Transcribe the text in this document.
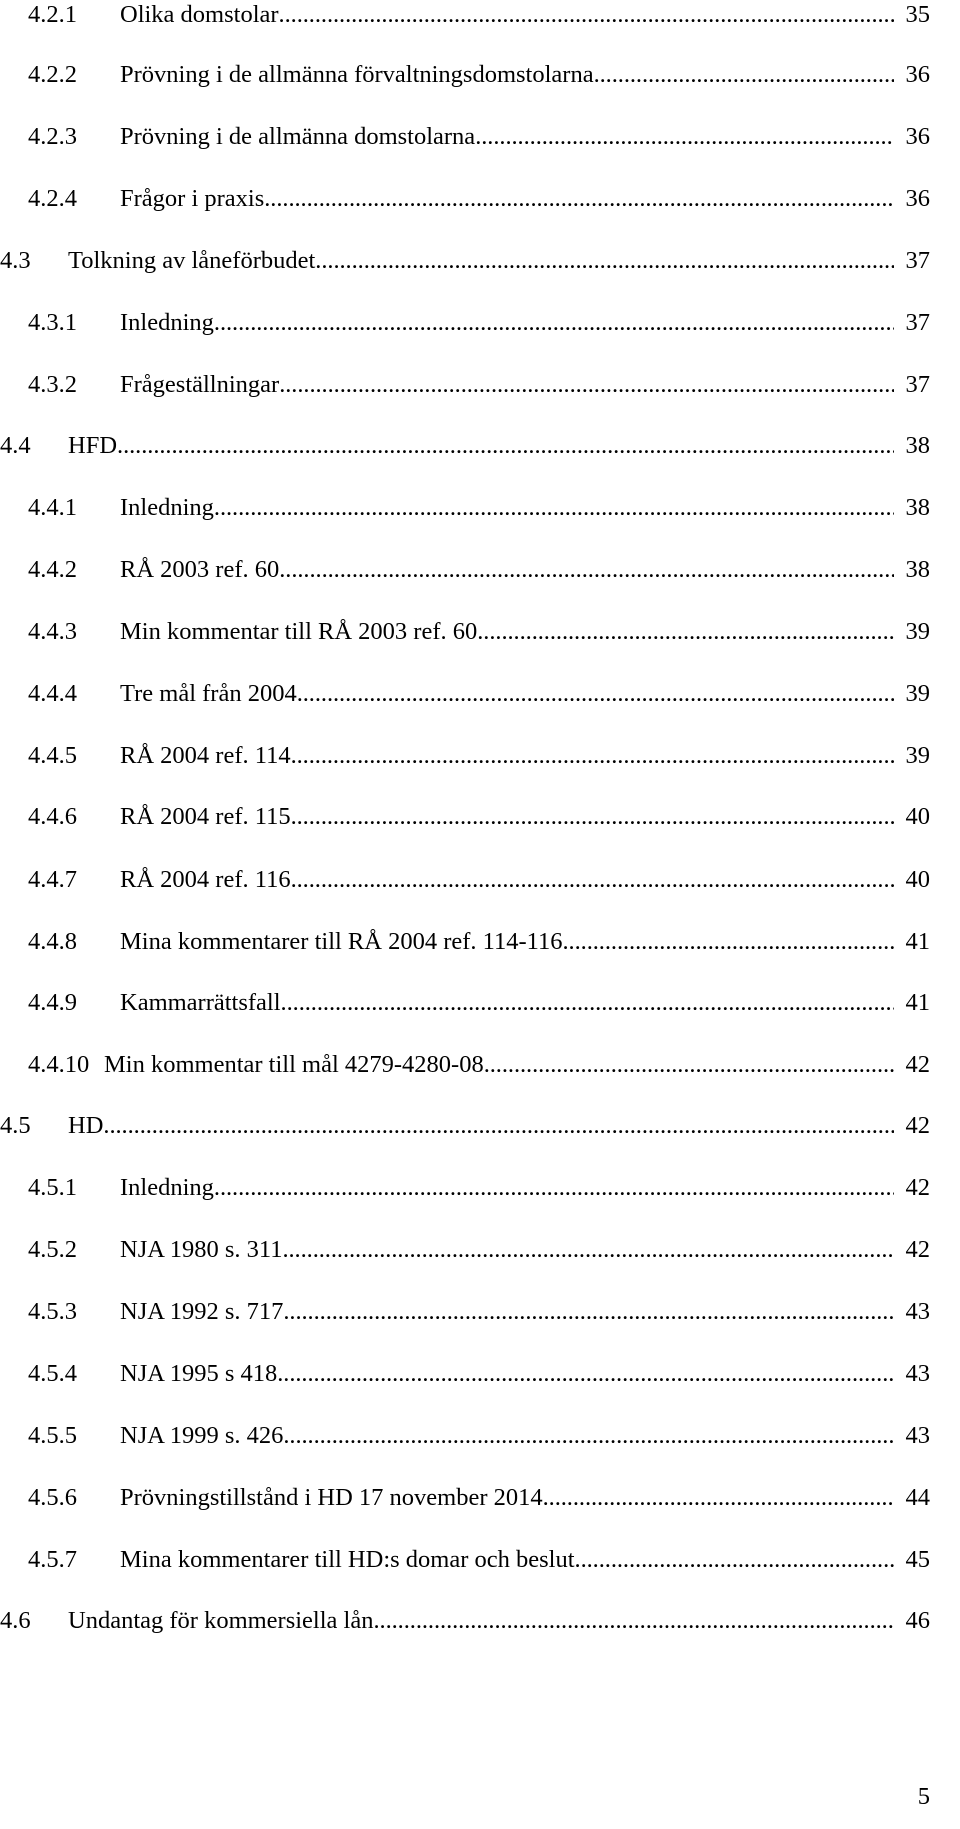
4.2.1 Olika domstolar . . .	35
4.2.2 Prövning i de allmänna förvaltningsdomstolarna . . .	36
4.2.3 Prövning i de allmänna domstolarna . . .	36
4.2.4 Frågor i praxis . . .	36
4.3 Tolkning av låneförbudet . . .	37
4.3.1 Inledning . . .	37
4.3.2 Frågeställningar . . .	37
4.4 HFD . . .	38
4.4.1 Inledning . . .	38
4.4.2 RÅ 2003 ref. 60 . . .	38
4.4.3 Min kommentar till RÅ 2003 ref. 60 . . .	39
4.4.4 Tre mål från 2004 . . .	39
4.4.5 RÅ 2004 ref. 114 . . .	39
4.4.6 RÅ 2004 ref. 115 . . .	40
4.4.7 RÅ 2004 ref. 116 . . .	40
4.4.8 Mina kommentarer till RÅ 2004 ref. 114-116 . . .	41
4.4.9 Kammarrättsfall . . .	41
4.4.10 Min kommentar till mål 4279-4280-08 . . .	42
4.5 HD . . .	42
4.5.1 Inledning . . .	42
4.5.2 NJA 1980 s. 311 . . .	42
4.5.3 NJA 1992 s. 717 . . .	43
4.5.4 NJA 1995 s 418 . . .	43
4.5.5 NJA 1999 s. 426 . . .	43
4.5.6 Prövningstillstånd i HD 17 november 2014 . . .	44
4.5.7 Mina kommentarer till HD:s domar och beslut . . .	45
4.6 Undantag för kommersiella lån . . .	46
5
